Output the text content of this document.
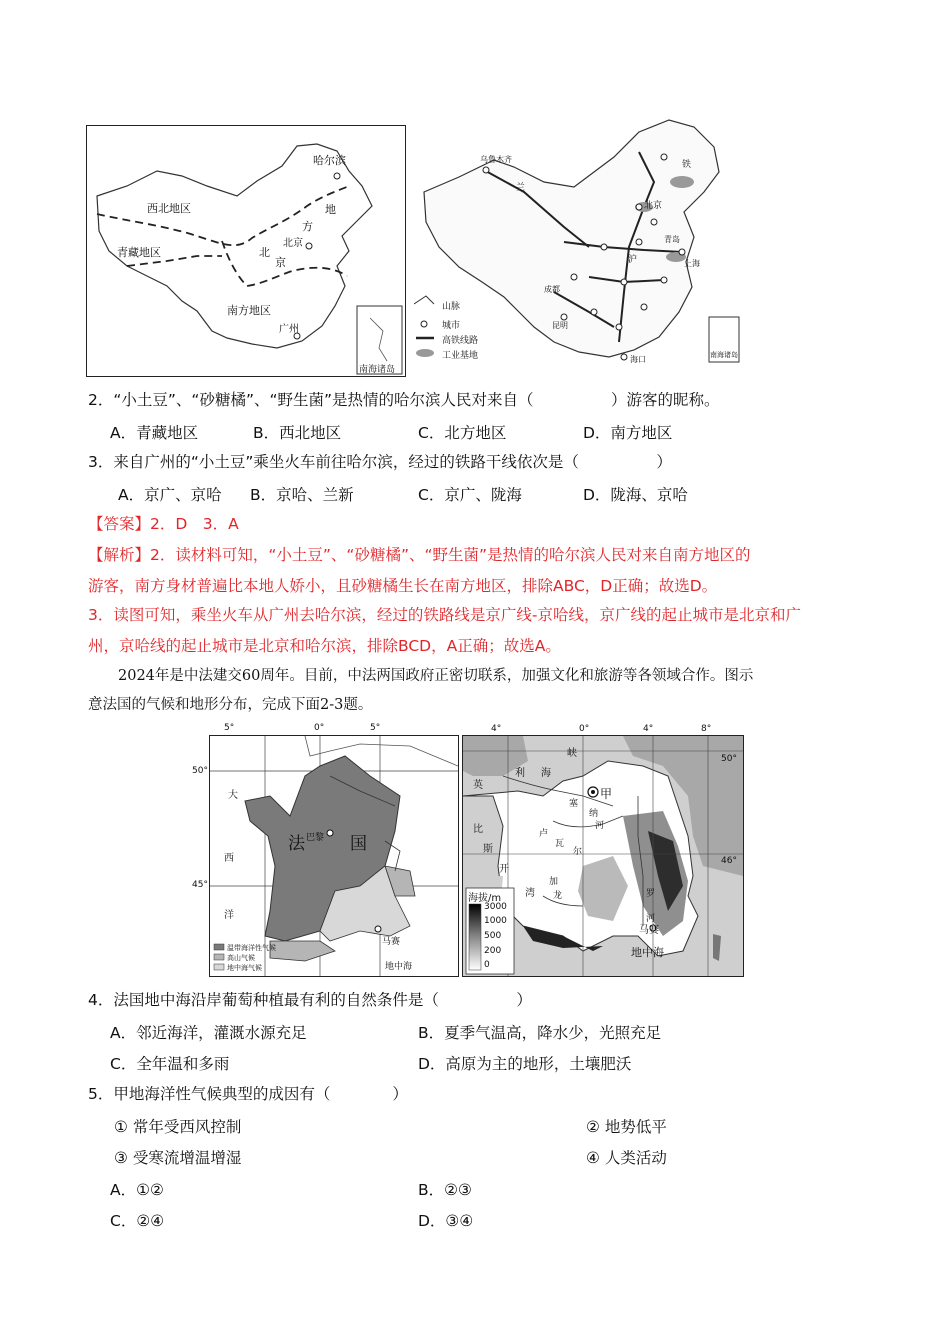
哈尔滨
西北地区
青藏地区
北京
地
方
北
京
南方地区
广州
南海诸岛
乌鲁木齐
兰
北京
铁
青岛
上海
沪
成都
昆明
海口
山脉
城市
高铁线路
工业基地	南海诸岛
2．“小土豆”、“砂糖橘”、“野生菌”是热情的哈尔滨人民对来自（　　　　　）游客的昵称。
A．青藏地区	B．西北地区	C．北方地区	D．南方地区
3．来自广州的“小土豆”乘坐火车前往哈尔滨，经过的铁路干线依次是（　　　　　）
A．京广、京哈 B．京哈、兰新	C．京广、陇海	D．陇海、京哈
【答案】2．D　3．A
【解析】2．读材料可知，“小土豆”、“砂糖橘”、“野生菌”是热情的哈尔滨人民对来自南方地区的
游客，南方身材普遍比本地人娇小，且砂糖橘生长在南方地区，排除ABC，D正确；故选D。
3．读图可知，乘坐火车从广州去哈尔滨，经过的铁路线是京广线-京哈线，京广线的起止城市是北京和广
州，京哈线的起止城市是北京和哈尔滨，排除BCD，A正确；故选A。
2024年是中法建交60周年。目前，中法两国政府正密切联系，加强文化和旅游等各领域合作。图示
意法国的气候和地形分布，完成下面2-3题。
5°	0°	5°
50°
45°
大
西
洋
法	国
巴黎
马赛
地中海
温带海洋性气候
高山气候
地中海气候
4°	0°	4°	8°
50°
46°
英
利 海
峡
甲
塞
纳
河
卢
瓦
尔
比
斯
开
湾
加
龙	罗
河
马赛
地中海
海拔/m
3000
1000
500
200
0
4．法国地中海沿岸葡萄种植最有利的自然条件是（　　　　　）
A．邻近海洋，灌溉水源充足	B．夏季气温高，降水少，光照充足
C．全年温和多雨	D．高原为主的地形，土壤肥沃
5．甲地海洋性气候典型的成因有（　　　　）
① 常年受西风控制	② 地势低平
③ 受寒流增温增湿	④ 人类活动
A．①②	B．②③
C．②④	D．③④
